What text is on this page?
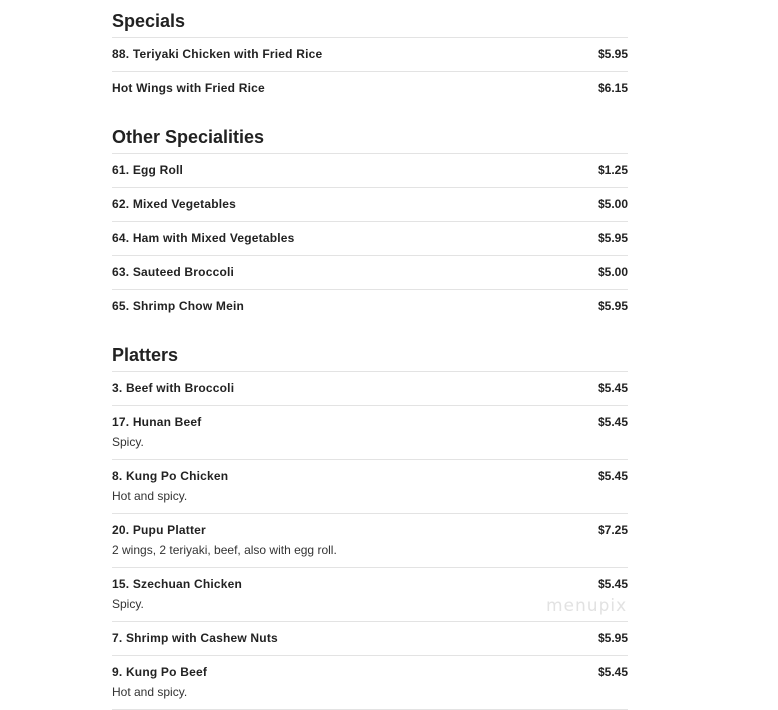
Specials
88. Teriyaki Chicken with Fried Rice	$5.95
Hot Wings with Fried Rice	$6.15
Other Specialities
61. Egg Roll	$1.25
62. Mixed Vegetables	$5.00
64. Ham with Mixed Vegetables	$5.95
63. Sauteed Broccoli	$5.00
65. Shrimp Chow Mein	$5.95
Platters
3. Beef with Broccoli	$5.45
17. Hunan Beef	$5.45
Spicy.
8. Kung Po Chicken	$5.45
Hot and spicy.
20. Pupu Platter	$7.25
2 wings, 2 teriyaki, beef, also with egg roll.
15. Szechuan Chicken	$5.45
Spicy.
7. Shrimp with Cashew Nuts	$5.95
9. Kung Po Beef	$5.45
Hot and spicy.
menupix
